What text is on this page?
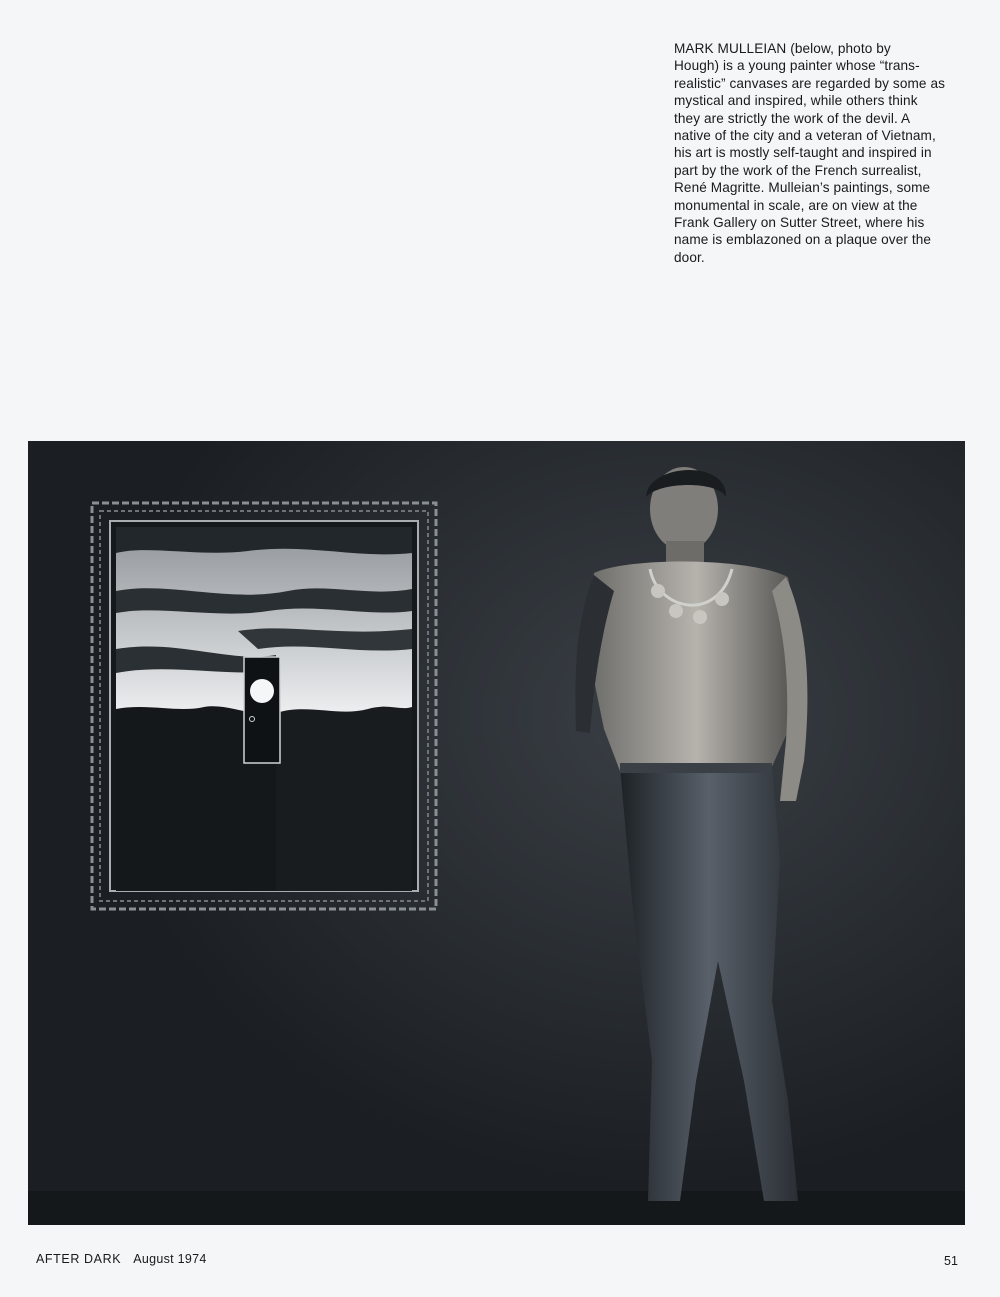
MARK MULLEIAN (below, photo by
Hough) is a young painter whose “trans-
realistic” canvases are regarded by some as
mystical and inspired, while others think
they are strictly the work of the devil. A
native of the city and a veteran of Vietnam,
his art is mostly self-taught and inspired in
part by the work of the French surrealist,
René Magritte. Mulleian’s paintings, some
monumental in scale, are on view at the
Frank Gallery on Sutter Street, where his
name is emblazoned on a plaque over the
door.

AFTER DARK August 1974	51
